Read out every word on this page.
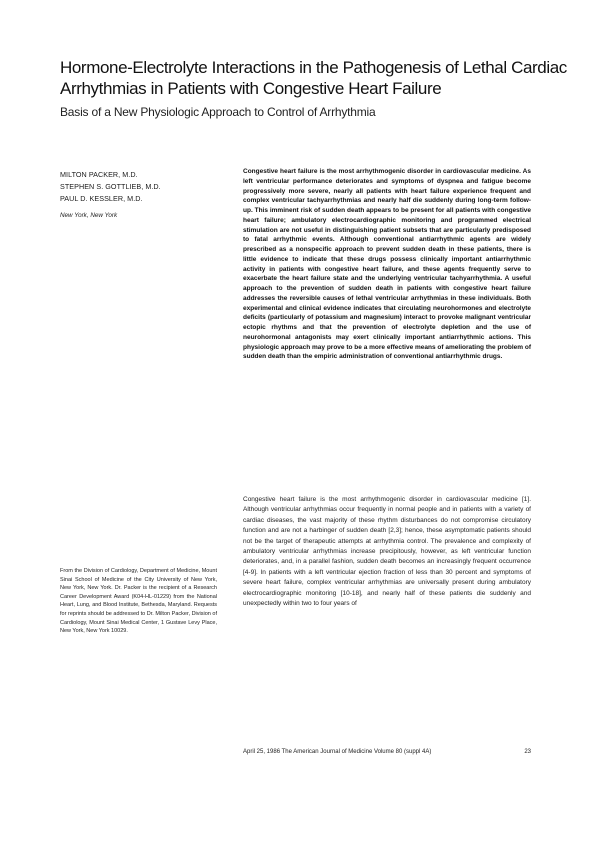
Hormone-Electrolyte Interactions in the Pathogenesis of Lethal Cardiac Arrhythmias in Patients with Congestive Heart Failure
Basis of a New Physiologic Approach to Control of Arrhythmia
MILTON PACKER, M.D.
STEPHEN S. GOTTLIEB, M.D.
PAUL D. KESSLER, M.D.
New York, New York

From the Division of Cardiology, Department of Medicine, Mount Sinai School of Medicine of the City University of New York, New York, New York. Dr. Packer is the recipient of a Research Career Development Award (K04-HL-01229) from the National Heart, Lung, and Blood Institute, Bethesda, Maryland. Requests for reprints should be addressed to Dr. Milton Packer, Division of Cardiology, Mount Sinai Medical Center, 1 Gustave Levy Place, New York, New York 10029.

Congestive heart failure is the most arrhythmogenic disorder in cardiovascular medicine. As left ventricular performance deteriorates and symptoms of dyspnea and fatigue become progressively more severe, nearly all patients with heart failure experience frequent and complex ventricular tachyarrhythmias and nearly half die suddenly during long-term follow-up. This imminent risk of sudden death appears to be present for all patients with congestive heart failure; ambulatory electrocardiographic monitoring and programmed electrical stimulation are not useful in distinguishing patient subsets that are particularly predisposed to fatal arrhythmic events. Although conventional antiarrhythmic agents are widely prescribed as a nonspecific approach to prevent sudden death in these patients, there is little evidence to indicate that these drugs possess clinically important antiarrhythmic activity in patients with congestive heart failure, and these agents frequently serve to exacerbate the heart failure state and the underlying ventricular tachyarrhythmia. A useful approach to the prevention of sudden death in patients with congestive heart failure addresses the reversible causes of lethal ventricular arrhythmias in these individuals. Both experimental and clinical evidence indicates that circulating neurohormones and electrolyte deficits (particularly of potassium and magnesium) interact to provoke malignant ventricular ectopic rhythms and that the prevention of electrolyte depletion and the use of neurohormonal antagonists may exert clinically important antiarrhythmic actions. This physiologic approach may prove to be a more effective means of ameliorating the problem of sudden death than the empiric administration of conventional antiarrhythmic drugs.

Congestive heart failure is the most arrhythmogenic disorder in cardiovascular medicine [1]. Although ventricular arrhythmias occur frequently in normal people and in patients with a variety of cardiac diseases, the vast majority of these rhythm disturbances do not compromise circulatory function and are not a harbinger of sudden death [2,3]; hence, these asymptomatic patients should not be the target of therapeutic attempts at arrhythmia control. The prevalence and complexity of ambulatory ventricular arrhythmias increase precipitously, however, as left ventricular function deteriorates, and, in a parallel fashion, sudden death becomes an increasingly frequent occurrence [4-9]. In patients with a left ventricular ejection fraction of less than 30 percent and symptoms of severe heart failure, complex ventricular arrhythmias are universally present during ambulatory electrocardiographic monitoring [10-18], and nearly half of these patients die suddenly and unexpectedly within two to four years of

April 25, 1986 The American Journal of Medicine Volume 80 (suppl 4A)	23
